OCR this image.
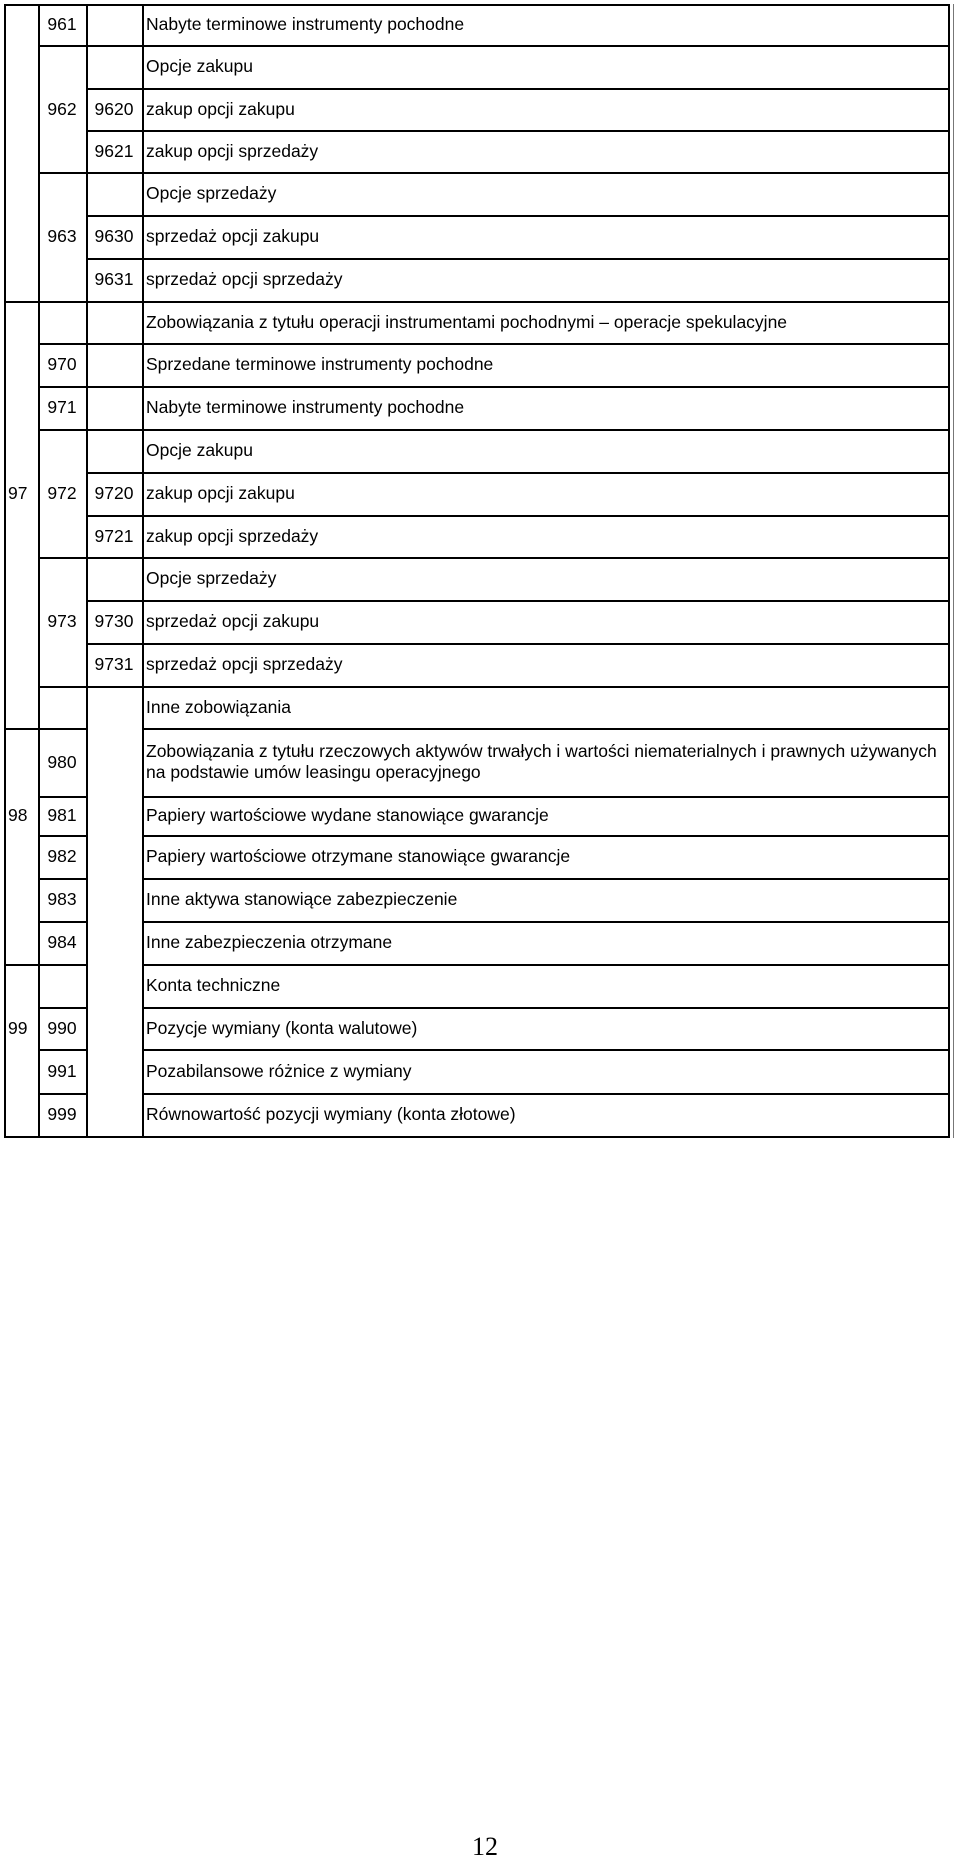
97
98
99
961
962
963
970
971
972
973
980
981
982
983
984
990
991
999
9620
9621
9630
9631
9720
9721
9730
9731
Nabyte terminowe instrumenty pochodne
Opcje zakupu
zakup opcji zakupu
zakup opcji sprzedaży
Opcje sprzedaży
sprzedaż opcji zakupu
sprzedaż opcji sprzedaży
Zobowiązania z tytułu operacji instrumentami pochodnymi – operacje spekulacyjne
Sprzedane terminowe instrumenty pochodne
Nabyte terminowe instrumenty pochodne
Opcje zakupu
zakup opcji zakupu
zakup opcji sprzedaży
Opcje sprzedaży
sprzedaż opcji zakupu
sprzedaż opcji sprzedaży
Inne zobowiązania
Zobowiązania z tytułu rzeczowych aktywów trwałych i wartości niematerialnych i prawnych używanych na podstawie umów leasingu operacyjnego
Papiery wartościowe wydane stanowiące gwarancje
Papiery wartościowe otrzymane stanowiące gwarancje
Inne aktywa stanowiące zabezpieczenie
Inne zabezpieczenia otrzymane
Konta techniczne
Pozycje wymiany (konta walutowe)
Pozabilansowe różnice z wymiany
Równowartość pozycji wymiany (konta złotowe)
12
